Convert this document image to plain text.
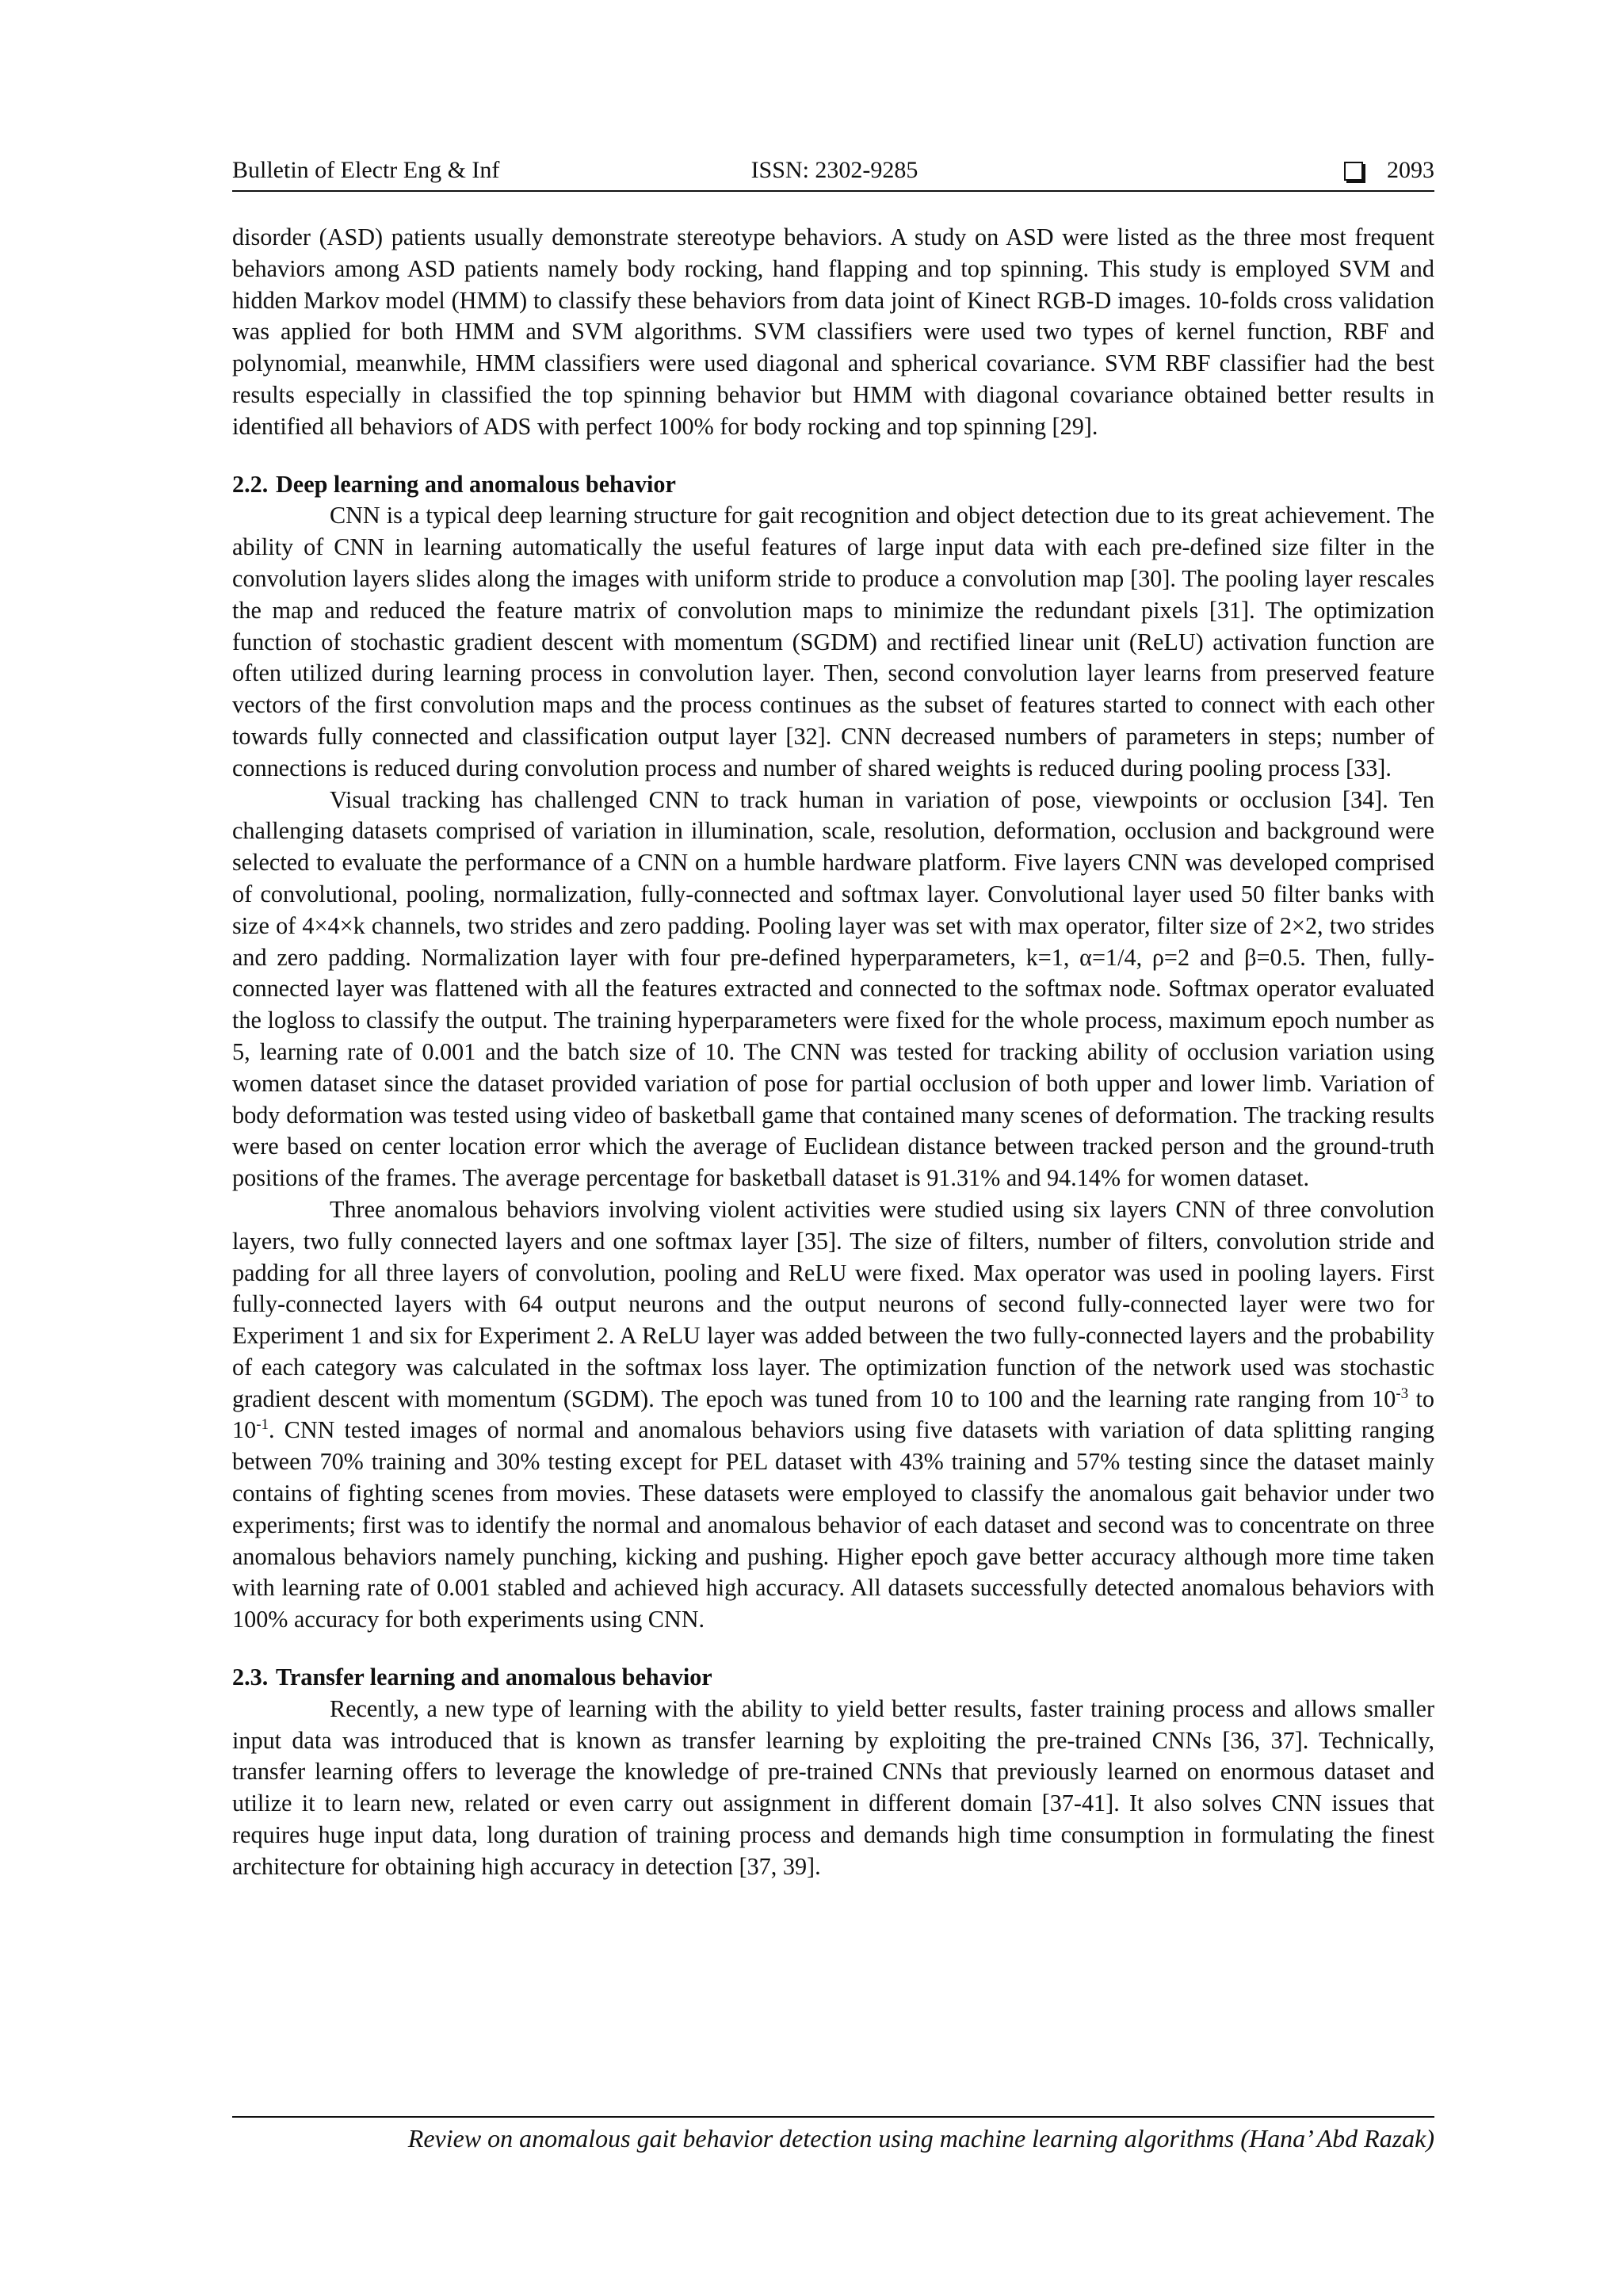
Bulletin of Electr Eng & Inf	ISSN: 2302-9285	2093

disorder (ASD) patients usually demonstrate stereotype behaviors. A study on ASD were listed as the three most frequent behaviors among ASD patients namely body rocking, hand flapping and top spinning. This study is employed SVM and hidden Markov model (HMM) to classify these behaviors from data joint of Kinect RGB-D images. 10-folds cross validation was applied for both HMM and SVM algorithms. SVM classifiers were used two types of kernel function, RBF and polynomial, meanwhile, HMM classifiers were used diagonal and spherical covariance. SVM RBF classifier had the best results especially in classified the top spinning behavior but HMM with diagonal covariance obtained better results in identified all behaviors of ADS with perfect 100% for body rocking and top spinning [29].

2.2. Deep learning and anomalous behavior

CNN is a typical deep learning structure for gait recognition and object detection due to its great achievement. The ability of CNN in learning automatically the useful features of large input data with each pre-defined size filter in the convolution layers slides along the images with uniform stride to produce a convolution map [30]. The pooling layer rescales the map and reduced the feature matrix of convolution maps to minimize the redundant pixels [31]. The optimization function of stochastic gradient descent with momentum (SGDM) and rectified linear unit (ReLU) activation function are often utilized during learning process in convolution layer. Then, second convolution layer learns from preserved feature vectors of the first convolution maps and the process continues as the subset of features started to connect with each other towards fully connected and classification output layer [32]. CNN decreased numbers of parameters in steps; number of connections is reduced during convolution process and number of shared weights is reduced during pooling process [33].

Visual tracking has challenged CNN to track human in variation of pose, viewpoints or occlusion [34]. Ten challenging datasets comprised of variation in illumination, scale, resolution, deformation, occlusion and background were selected to evaluate the performance of a CNN on a humble hardware platform. Five layers CNN was developed comprised of convolutional, pooling, normalization, fully-connected and softmax layer. Convolutional layer used 50 filter banks with size of 4×4×k channels, two strides and zero padding. Pooling layer was set with max operator, filter size of 2×2, two strides and zero padding. Normalization layer with four pre-defined hyperparameters, k=1, α=1/4, ρ=2 and β=0.5. Then, fully-connected layer was flattened with all the features extracted and connected to the softmax node. Softmax operator evaluated the logloss to classify the output. The training hyperparameters were fixed for the whole process, maximum epoch number as 5, learning rate of 0.001 and the batch size of 10. The CNN was tested for tracking ability of occlusion variation using women dataset since the dataset provided variation of pose for partial occlusion of both upper and lower limb. Variation of body deformation was tested using video of basketball game that contained many scenes of deformation. The tracking results were based on center location error which the average of Euclidean distance between tracked person and the ground-truth positions of the frames. The average percentage for basketball dataset is 91.31% and 94.14% for women dataset.

Three anomalous behaviors involving violent activities were studied using six layers CNN of three convolution layers, two fully connected layers and one softmax layer [35]. The size of filters, number of filters, convolution stride and padding for all three layers of convolution, pooling and ReLU were fixed. Max operator was used in pooling layers. First fully-connected layers with 64 output neurons and the output neurons of second fully-connected layer were two for Experiment 1 and six for Experiment 2. A ReLU layer was added between the two fully-connected layers and the probability of each category was calculated in the softmax loss layer. The optimization function of the network used was stochastic gradient descent with momentum (SGDM). The epoch was tuned from 10 to 100 and the learning rate ranging from $10^{-3}$ to $10^{-1}$. CNN tested images of normal and anomalous behaviors using five datasets with variation of data splitting ranging between 70% training and 30% testing except for PEL dataset with 43% training and 57% testing since the dataset mainly contains of fighting scenes from movies. These datasets were employed to classify the anomalous gait behavior under two experiments; first was to identify the normal and anomalous behavior of each dataset and second was to concentrate on three anomalous behaviors namely punching, kicking and pushing. Higher epoch gave better accuracy although more time taken with learning rate of 0.001 stabled and achieved high accuracy. All datasets successfully detected anomalous behaviors with 100% accuracy for both experiments using CNN.

2.3. Transfer learning and anomalous behavior

Recently, a new type of learning with the ability to yield better results, faster training process and allows smaller input data was introduced that is known as transfer learning by exploiting the pre-trained CNNs [36, 37]. Technically, transfer learning offers to leverage the knowledge of pre-trained CNNs that previously learned on enormous dataset and utilize it to learn new, related or even carry out assignment in different domain [37-41]. It also solves CNN issues that requires huge input data, long duration of training process and demands high time consumption in formulating the finest architecture for obtaining high accuracy in detection [37, 39].

Review on anomalous gait behavior detection using machine learning algorithms (Hana’ Abd Razak)
